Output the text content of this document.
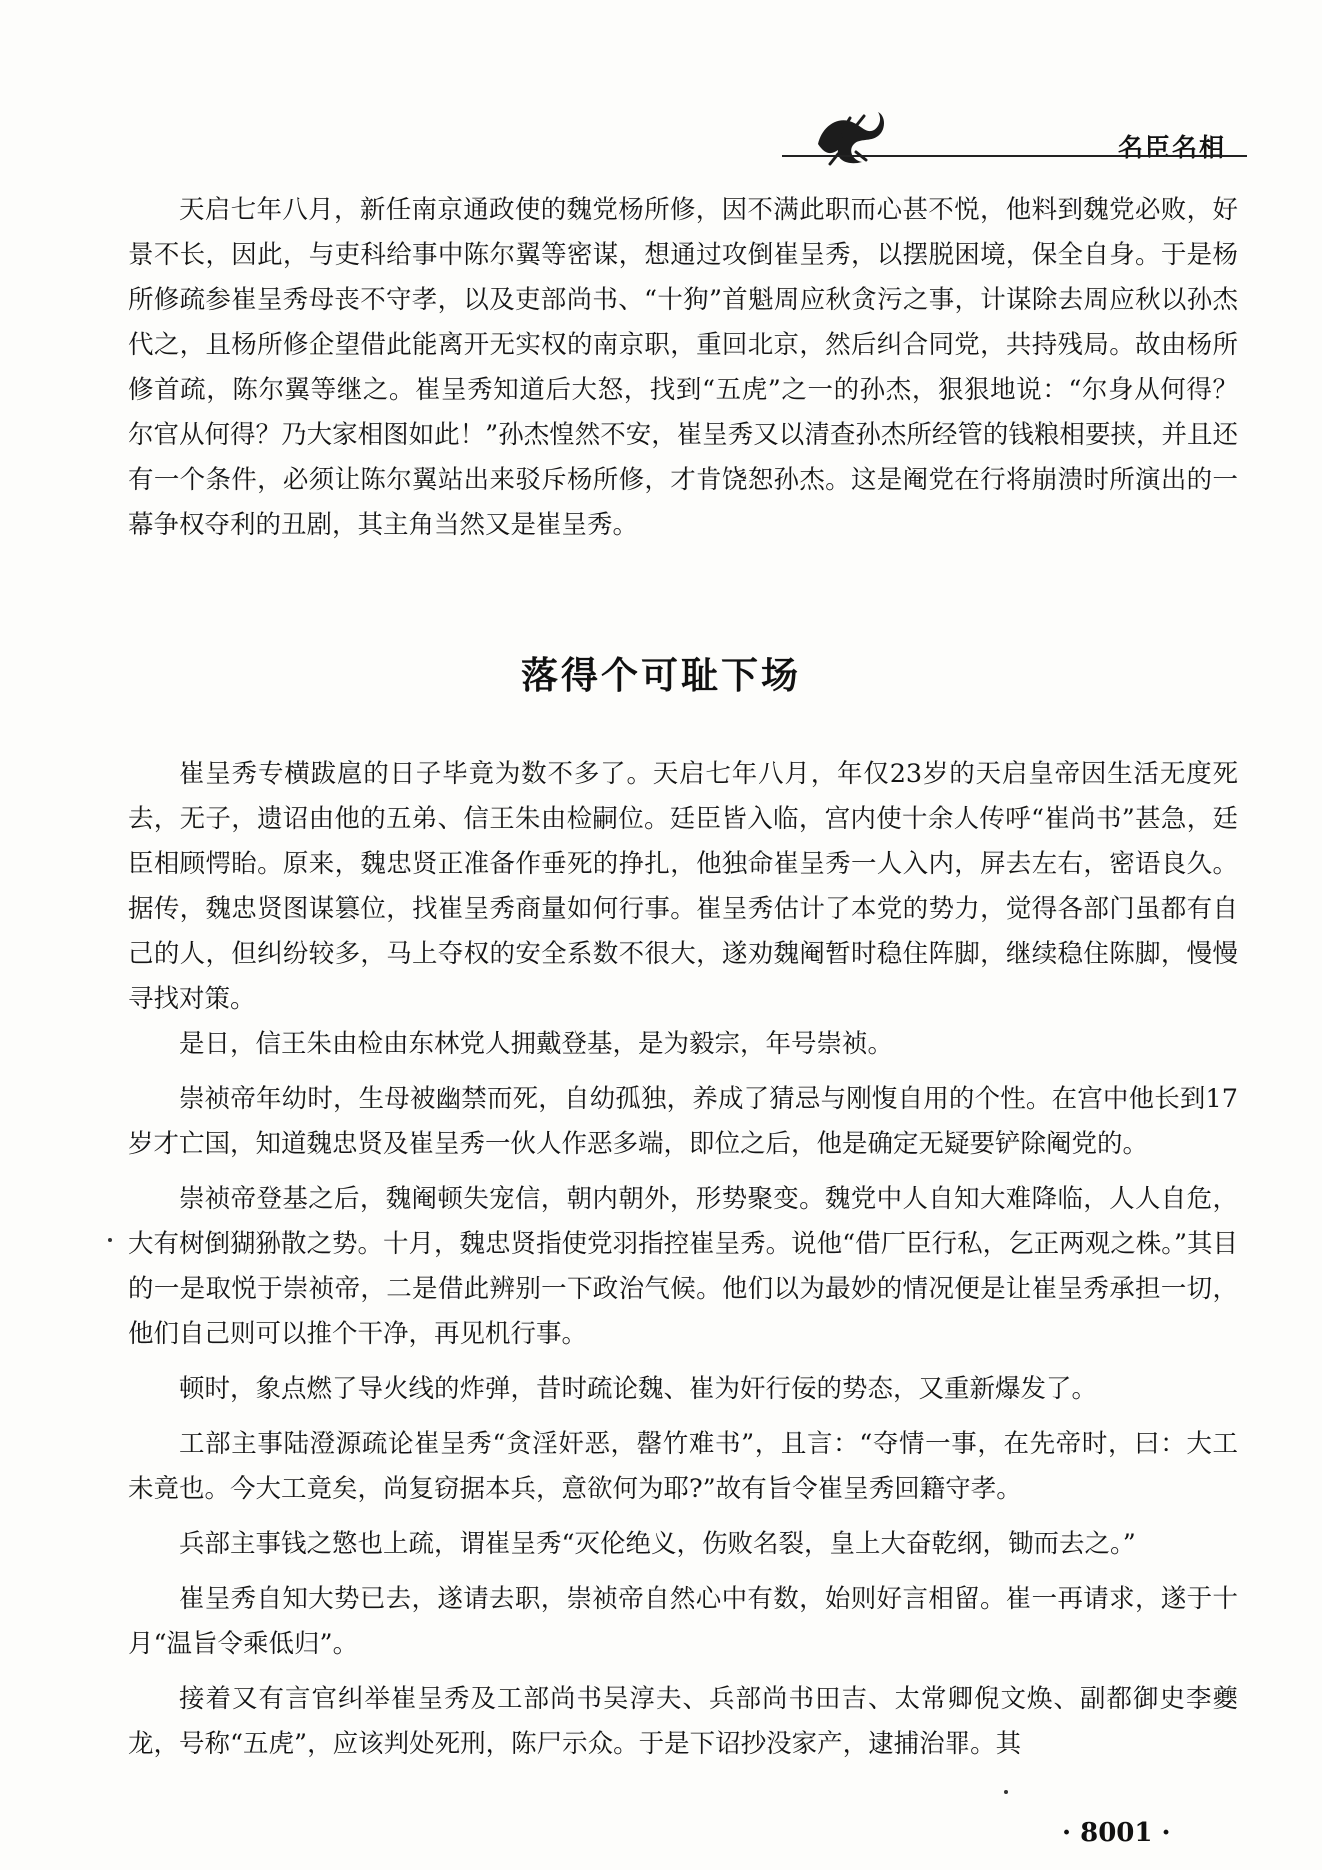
名臣名相

天启七年八月，新任南京通政使的魏党杨所修，因不满此职而心甚不悦，他料到魏党必败，好景不长，因此，与吏科给事中陈尔翼等密谋，想通过攻倒崔呈秀，以摆脱困境，保全自身。于是杨所修疏参崔呈秀母丧不守孝，以及吏部尚书、“十狗”首魁周应秋贪污之事，计谋除去周应秋以孙杰代之，且杨所修企望借此能离开无实权的南京职，重回北京，然后纠合同党，共持残局。故由杨所修首疏，陈尔翼等继之。崔呈秀知道后大怒，找到“五虎”之一的孙杰，狠狠地说：“尔身从何得？尔官从何得？乃大家相图如此！”孙杰惶然不安，崔呈秀又以清查孙杰所经管的钱粮相要挟，并且还有一个条件，必须让陈尔翼站出来驳斥杨所修，才肯饶恕孙杰。这是阉党在行将崩溃时所演出的一幕争权夺利的丑剧，其主角当然又是崔呈秀。

落得个可耻下场

崔呈秀专横跋扈的日子毕竟为数不多了。天启七年八月，年仅23岁的天启皇帝因生活无度死去，无子，遗诏由他的五弟、信王朱由检嗣位。廷臣皆入临，宫内使十余人传呼“崔尚书”甚急，廷臣相顾愕眙。原来，魏忠贤正准备作垂死的挣扎，他独命崔呈秀一人入内，屏去左右，密语良久。据传，魏忠贤图谋篡位，找崔呈秀商量如何行事。崔呈秀估计了本党的势力，觉得各部门虽都有自己的人，但纠纷较多，马上夺权的安全系数不很大，遂劝魏阉暂时稳住阵脚，继续稳住陈脚，慢慢寻找对策。

是日，信王朱由检由东林党人拥戴登基，是为毅宗，年号崇祯。

崇祯帝年幼时，生母被幽禁而死，自幼孤独，养成了猜忌与刚愎自用的个性。在宫中他长到17岁才亡国，知道魏忠贤及崔呈秀一伙人作恶多端，即位之后，他是确定无疑要铲除阉党的。

崇祯帝登基之后，魏阉顿失宠信，朝内朝外，形势聚变。魏党中人自知大难降临，人人自危，大有树倒猢狲散之势。十月，魏忠贤指使党羽指控崔呈秀。说他“借厂臣行私，乞正两观之株。”其目的一是取悦于崇祯帝，二是借此辨别一下政治气候。他们以为最妙的情况便是让崔呈秀承担一切，他们自己则可以推个干净，再见机行事。

顿时，象点燃了导火线的炸弹，昔时疏论魏、崔为奸行佞的势态，又重新爆发了。

工部主事陆澄源疏论崔呈秀“贪淫奸恶，罄竹难书”，且言：“夺情一事，在先帝时，曰：大工未竟也。今大工竟矣，尚复窃据本兵，意欲何为耶?”故有旨令崔呈秀回籍守孝。

兵部主事钱之憼也上疏，谓崔呈秀“灭伦绝义，伤败名裂，皇上大奋乾纲，锄而去之。”

崔呈秀自知大势已去，遂请去职，崇祯帝自然心中有数，始则好言相留。崔一再请求，遂于十月“温旨令乘低归”。

接着又有言官纠举崔呈秀及工部尚书吴淳夫、兵部尚书田吉、太常卿倪文焕、副都御史李夔龙，号称“五虎”，应该判处死刑，陈尸示众。于是下诏抄没家产，逮捕治罪。其

· 8001 ·
